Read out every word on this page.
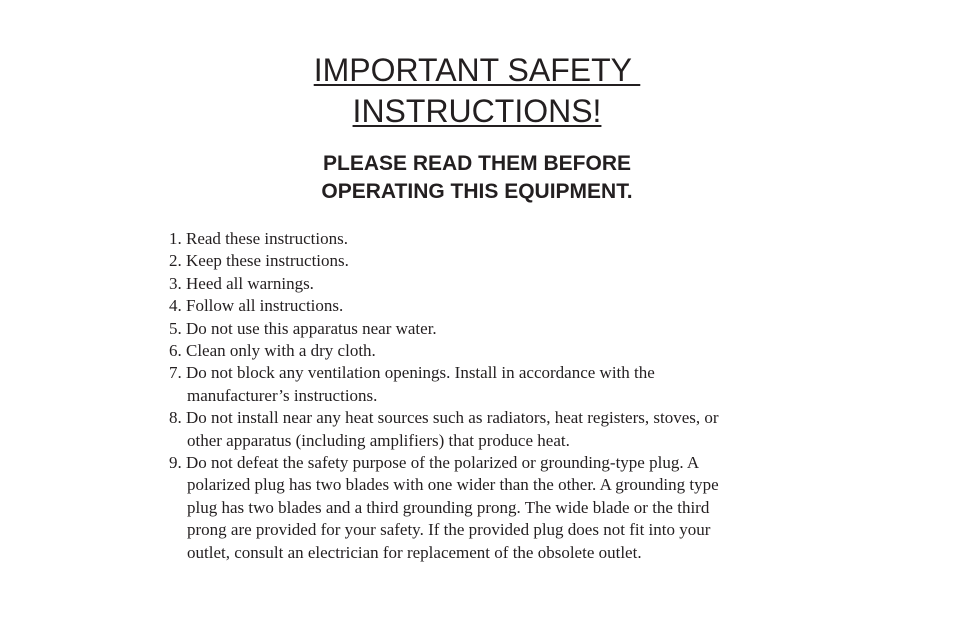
IMPORTANT SAFETY
INSTRUCTIONS!
PLEASE READ THEM BEFORE
OPERATING THIS EQUIPMENT.
1. Read these instructions.
2. Keep these instructions.
3. Heed all warnings.
4. Follow all instructions.
5. Do not use this apparatus near water.
6. Clean only with a dry cloth.
7. Do not block any ventilation openings. Install in accordance with the
manufacturer’s instructions.
8. Do not install near any heat sources such as radiators, heat registers, stoves, or
other apparatus (including amplifiers) that produce heat.
9. Do not defeat the safety purpose of the polarized or grounding-type plug. A
polarized plug has two blades with one wider than the other. A grounding type
plug has two blades and a third grounding prong. The wide blade or the third
prong are provided for your safety. If the provided plug does not fit into your
outlet, consult an electrician for replacement of the obsolete outlet.
